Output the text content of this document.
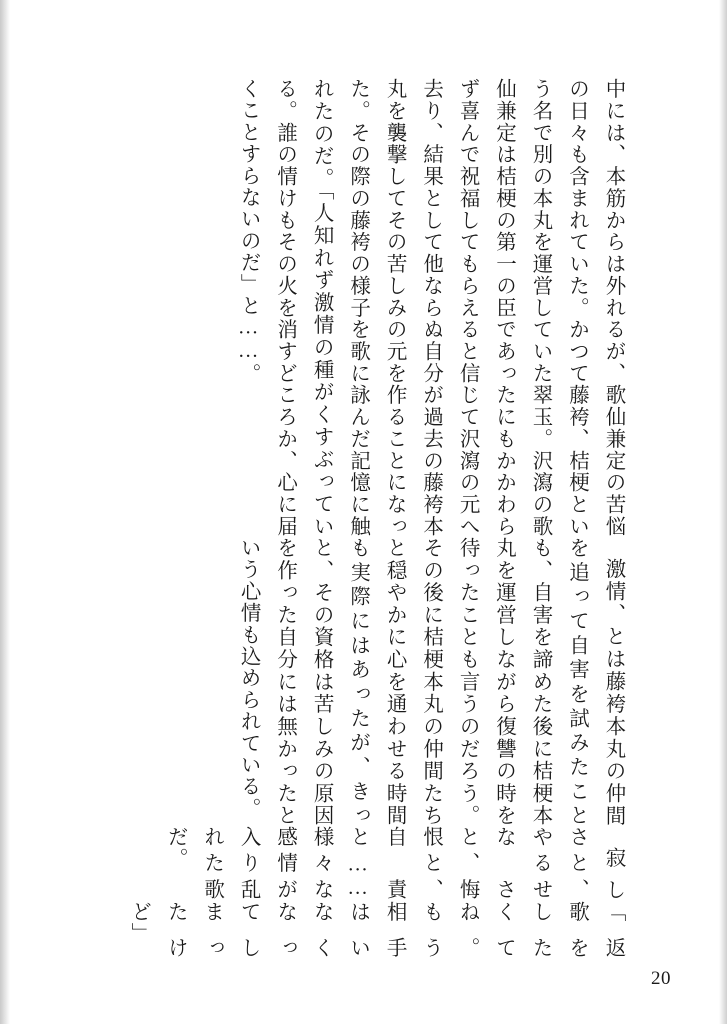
中には、本筋からは外れるが、歌仙兼定の苦悩の日々も含まれていた。かつて藤袴、桔梗という名で別の本丸を運営していた翠玉。沢瀉の歌仙兼定は桔梗の第一の臣であったにもかかわらず喜んで祝福してもらえると信じて沢瀉の元へ去り、結果として他ならぬ自分が過去の藤袴本丸を襲撃してその苦しみの元を作ることになった。その際の藤袴の様子を歌に詠んだ記憶に触れたのだ。「人知れず激情の種がくすぶっている。誰の情けもその火を消すどころか、心に届くことすらないのだ」と……。

激情、とは藤袴本丸の仲間を追って自害を試みたことも、自害を諦めた後に桔梗本丸を運営しながら復讐の時を待ったことも言うのだろう。その後に桔梗本丸の仲間たちと穏やかに心を通わせる時間も実際にはあったが、きっと、その資格は苦しみの原因を作った自分には無かったという心情も込められている。

寂しさと、やるせなさと、悔恨と、自責と……様々な感情が入り乱れた歌だ。

「返歌をしたくてね。もう相手はいなくなってしまったけど」

20
